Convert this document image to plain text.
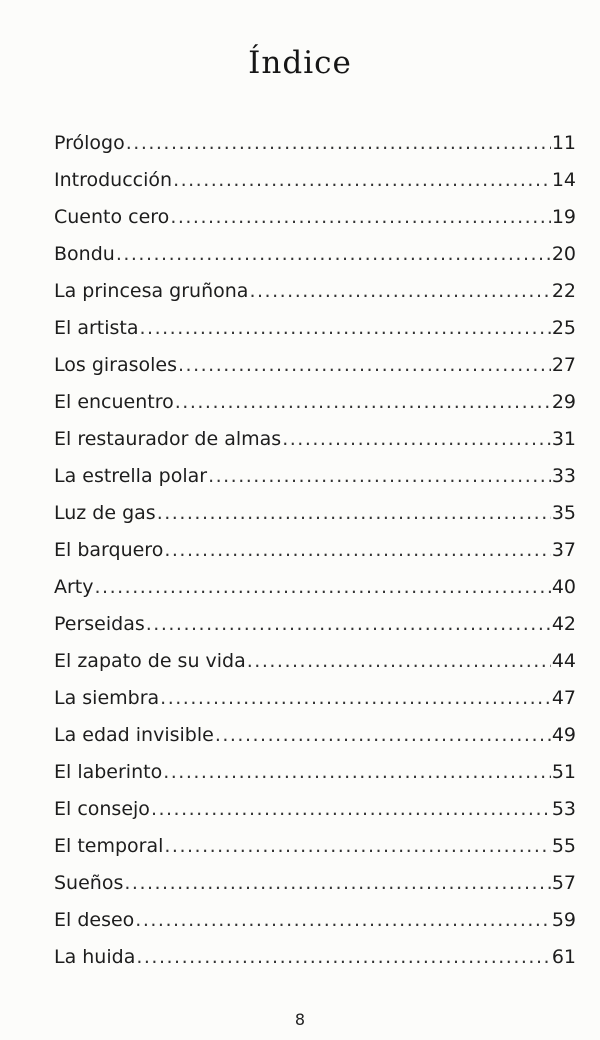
Índice
Prólogo .....	11
Introducción .....	14
Cuento cero .....	19
Bondu .....	20
La princesa gruñona .....	22
El artista .....	25
Los girasoles .....	27
El encuentro .....	29
El restaurador de almas .....	31
La estrella polar .....	33
Luz de gas .....	35
El barquero .....	37
Arty .....	40
Perseidas .....	42
El zapato de su vida .....	44
La siembra .....	47
La edad invisible .....	49
El laberinto .....	51
El consejo .....	53
El temporal .....	55
Sueños .....	57
El deseo .....	59
La huida .....	61
8
